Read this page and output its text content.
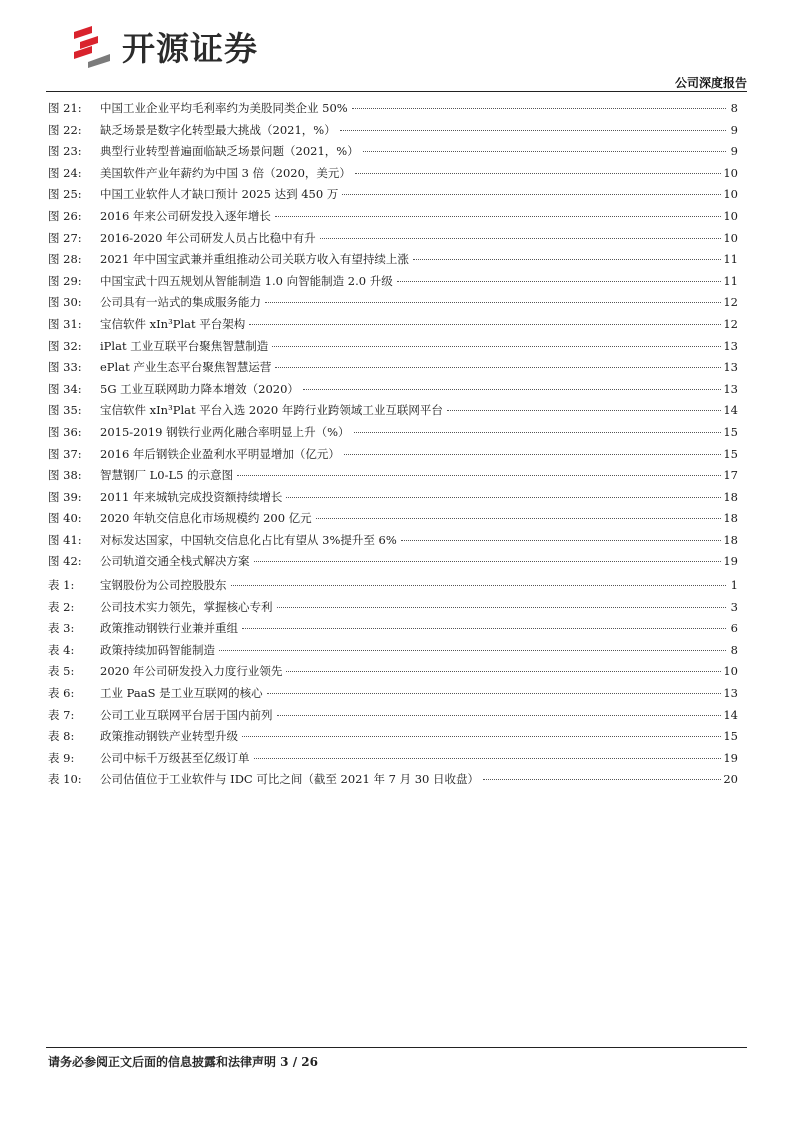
开源证券
公司深度报告
图 21:	中国工业企业平均毛利率约为美股同类企业 50%	8
图 22:	缺乏场景是数字化转型最大挑战（2021，%）	9
图 23:	典型行业转型普遍面临缺乏场景问题（2021，%）	9
图 24:	美国软件产业年薪约为中国 3 倍（2020，美元）	10
图 25:	中国工业软件人才缺口预计 2025 达到 450 万	10
图 26:	2016 年来公司研发投入逐年增长	10
图 27:	2016-2020 年公司研发人员占比稳中有升	10
图 28:	2021 年中国宝武兼并重组推动公司关联方收入有望持续上涨	11
图 29:	中国宝武十四五规划从智能制造 1.0 向智能制造 2.0 升级	11
图 30:	公司具有一站式的集成服务能力	12
图 31:	宝信软件 xIn³Plat 平台架构	12
图 32:	iPlat 工业互联平台聚焦智慧制造	13
图 33:	ePlat 产业生态平台聚焦智慧运营	13
图 34:	5G 工业互联网助力降本增效（2020）	13
图 35:	宝信软件 xIn³Plat 平台入选 2020 年跨行业跨领域工业互联网平台	14
图 36:	2015-2019 钢铁行业两化融合率明显上升（%）	15
图 37:	2016 年后钢铁企业盈利水平明显增加（亿元）	15
图 38:	智慧钢厂 L0-L5 的示意图	17
图 39:	2011 年来城轨完成投资额持续增长	18
图 40:	2020 年轨交信息化市场规模约 200 亿元	18
图 41:	对标发达国家，中国轨交信息化占比有望从 3%提升至 6%	18
图 42:	公司轨道交通全栈式解决方案	19
表 1:	宝钢股份为公司控股股东	1
表 2:	公司技术实力领先，掌握核心专利	3
表 3:	政策推动钢铁行业兼并重组	6
表 4:	政策持续加码智能制造	8
表 5:	2020 年公司研发投入力度行业领先	10
表 6:	工业 PaaS 是工业互联网的核心	13
表 7:	公司工业互联网平台居于国内前列	14
表 8:	政策推动钢铁产业转型升级	15
表 9:	公司中标千万级甚至亿级订单	19
表 10:	公司估值位于工业软件与 IDC 可比之间（截至 2021 年 7 月 30 日收盘）	20
请务必参阅正文后面的信息披露和法律声明 3 / 26
